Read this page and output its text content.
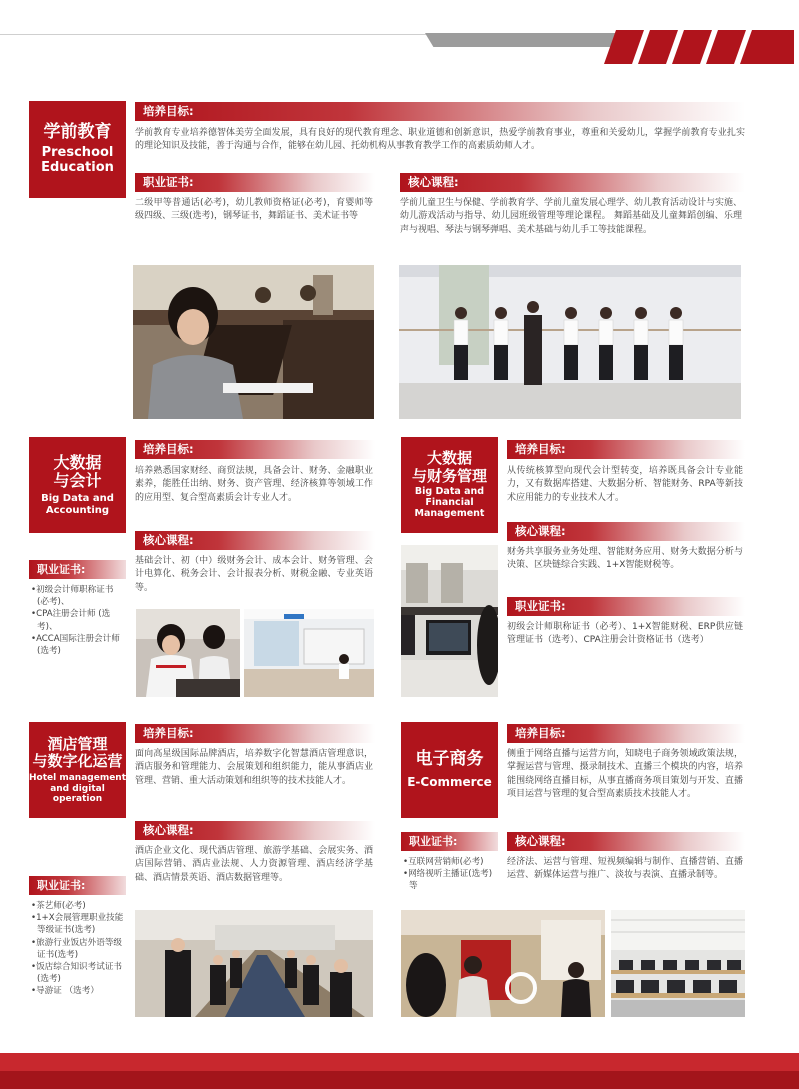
学前教育
Preschool
Education
培养目标:
学前教育专业培养德智体美劳全面发展，具有良好的现代教育理念、职业道德和创新意识，热爱学前教育事业，尊重和关爱幼儿，掌握学前教育专业扎实的理论知识及技能，善于沟通与合作，能够在幼儿园、托幼机构从事教育教学工作的高素质幼师人才。
职业证书:
二级甲等普通话(必考)，幼儿教师资格证(必考)，育婴师等级四级、三级(选考)，钢琴证书，舞蹈证书、美术证书等
核心课程:
学前儿童卫生与保健、学前教育学、学前儿童发展心理学、幼儿教育活动设计与实施、幼儿游戏活动与指导、幼儿园班级管理等理论课程。 舞蹈基础及儿童舞蹈创编、乐理声与视唱、琴法与钢琴弹唱、美术基础与幼儿手工等技能课程。
大数据
与会计
Big Data and
Accounting
培养目标:
培养熟悉国家财经、商贸法规，具备会计、财务、金融职业素养，能胜任出纳、财务、资产管理、经济核算等领域工作的应用型、复合型高素质会计专业人才。
核心课程:
基础会计、初（中）级财务会计、成本会计、财务管理、会计电算化、税务会计、会计报表分析、财税金融、专业英语等。
职业证书:
•初级会计师职称证书 (必考)、
•CPA注册会计师 (选考)、
•ACCA国际注册会计师 (选考)
大数据
与财务管理
Big Data and
Financial
Management
培养目标:
从传统核算型向现代会计型转变，培养既具备会计专业能力，又有数据库搭建、大数据分析、智能财务、RPA等新技术应用能力的专业技术人才。
核心课程:
财务共享服务业务处理、智能财务应用、财务大数据分析与决策、区块链综合实践、1+X智能财税等。
职业证书:
初级会计师职称证书（必考）、1+X智能财税、ERP供应链管理证书（选考）、CPA注册会计资格证书（选考）
酒店管理
与数字化运营
Hotel management
and digital
operation
培养目标:
面向高星级国际品牌酒店，培养数字化智慧酒店管理意识，酒店服务和管理能力、会展策划和组织能力，能从事酒店业管理、营销、重大活动策划和组织等的技术技能人才。
核心课程:
酒店企业文化、现代酒店管理、旅游学基础、会展实务、酒店国际营销、酒店业法规、人力资源管理、酒店经济学基础、酒店情景英语、酒店数据管理等。
职业证书:
•茶艺师(必考)
•1+X会展管理职业技能等级证书(选考)
•旅游行业饭店外语等级证书(选考)
•饭店综合知识考试证书 (选考)
•导游证 （选考）
电子商务
E-Commerce
培养目标:
侧重于网络直播与运营方向，知晓电子商务领域政策法规，掌握运营与管理、摄录制技术、直播三个模块的内容，培养能围绕网络直播目标，从事直播商务项目策划与开发、直播项目运营与管理的复合型高素质技术技能人才。
职业证书:
•互联网营销师(必考)
•网络视听主播证(选考)等
核心课程:
经济法、运营与管理、短视频编辑与制作、直播营销、直播运营、新媒体运营与推广、淡妆与表演、直播录制等。
